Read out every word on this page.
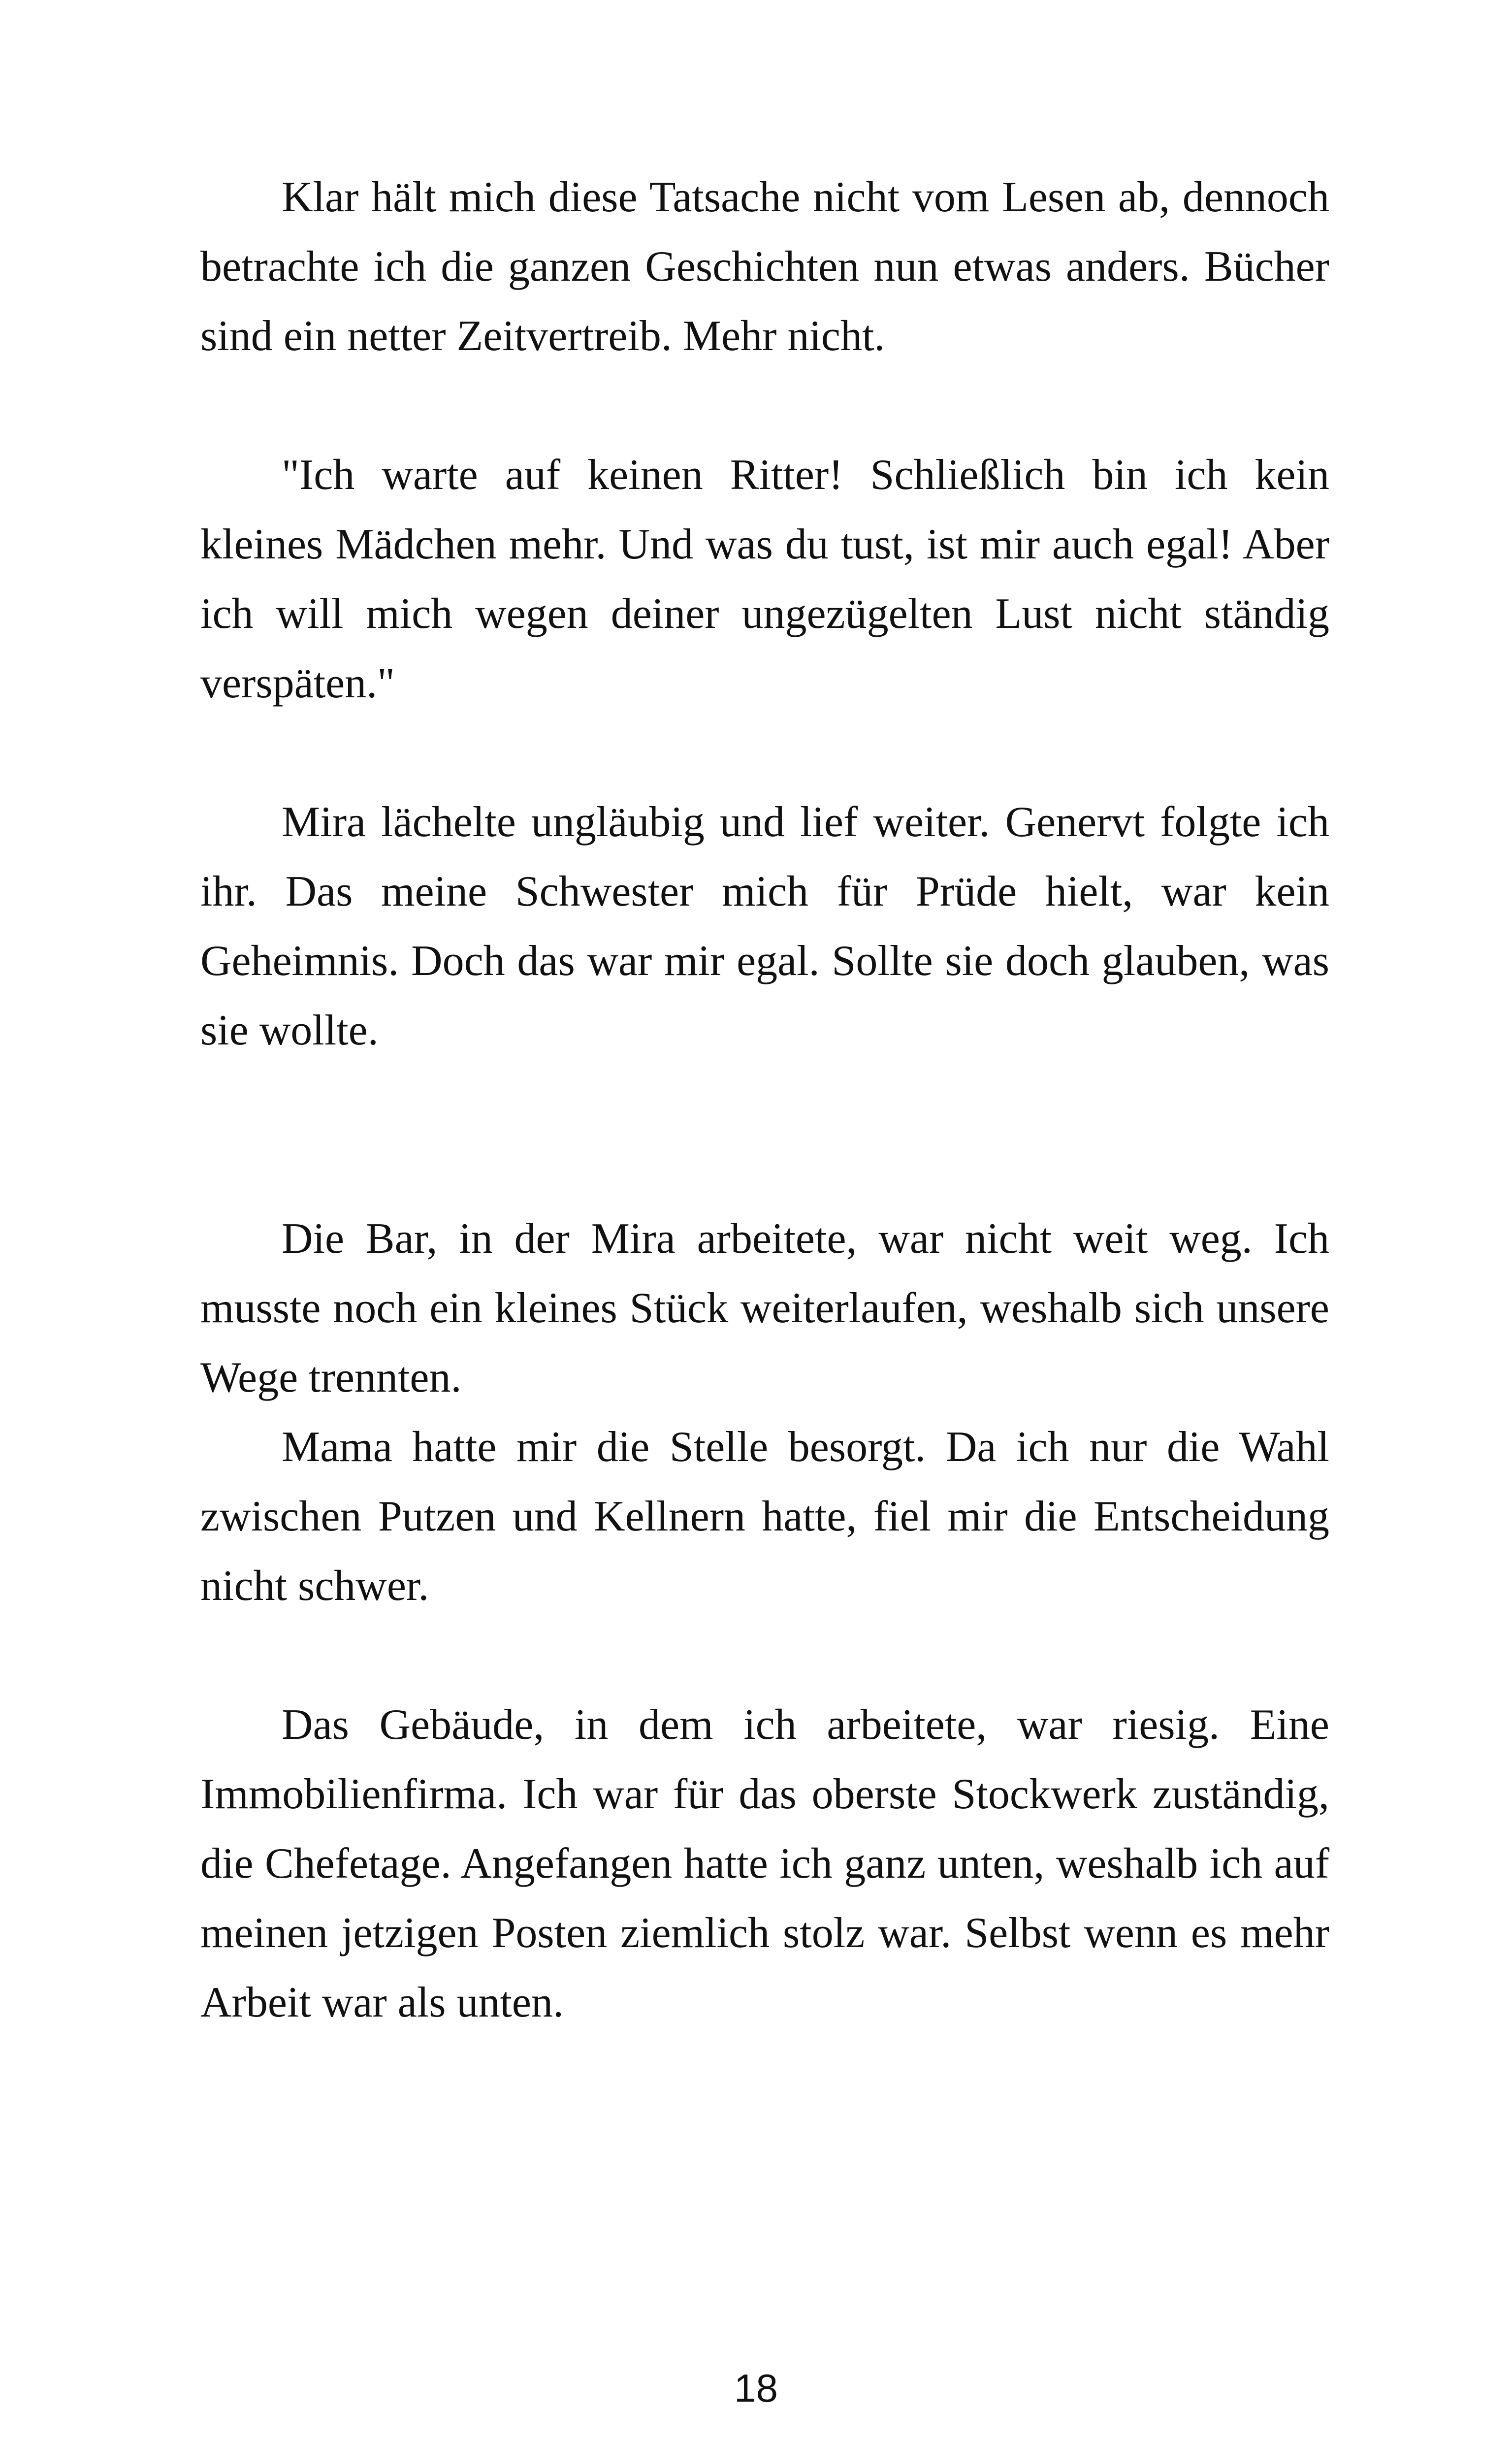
Klar hält mich diese Tatsache nicht vom Lesen ab, dennoch betrachte ich die ganzen Geschichten nun etwas anders. Bücher sind ein netter Zeitvertreib. Mehr nicht.

"Ich warte auf keinen Ritter! Schließlich bin ich kein kleines Mädchen mehr. Und was du tust, ist mir auch egal! Aber ich will mich wegen deiner ungezügelten Lust nicht ständig verspäten."

Mira lächelte ungläubig und lief weiter. Genervt folgte ich ihr. Das meine Schwester mich für Prüde hielt, war kein Geheimnis. Doch das war mir egal. Sollte sie doch glauben, was sie wollte.

Die Bar, in der Mira arbeitete, war nicht weit weg. Ich musste noch ein kleines Stück weiterlaufen, weshalb sich unsere Wege trennten.

Mama hatte mir die Stelle besorgt. Da ich nur die Wahl zwischen Putzen und Kellnern hatte, fiel mir die Entscheidung nicht schwer.

Das Gebäude, in dem ich arbeitete, war riesig. Eine Immobilienfirma. Ich war für das oberste Stockwerk zuständig, die Chefetage. Angefangen hatte ich ganz unten, weshalb ich auf meinen jetzigen Posten ziemlich stolz war. Selbst wenn es mehr Arbeit war als unten.

18
